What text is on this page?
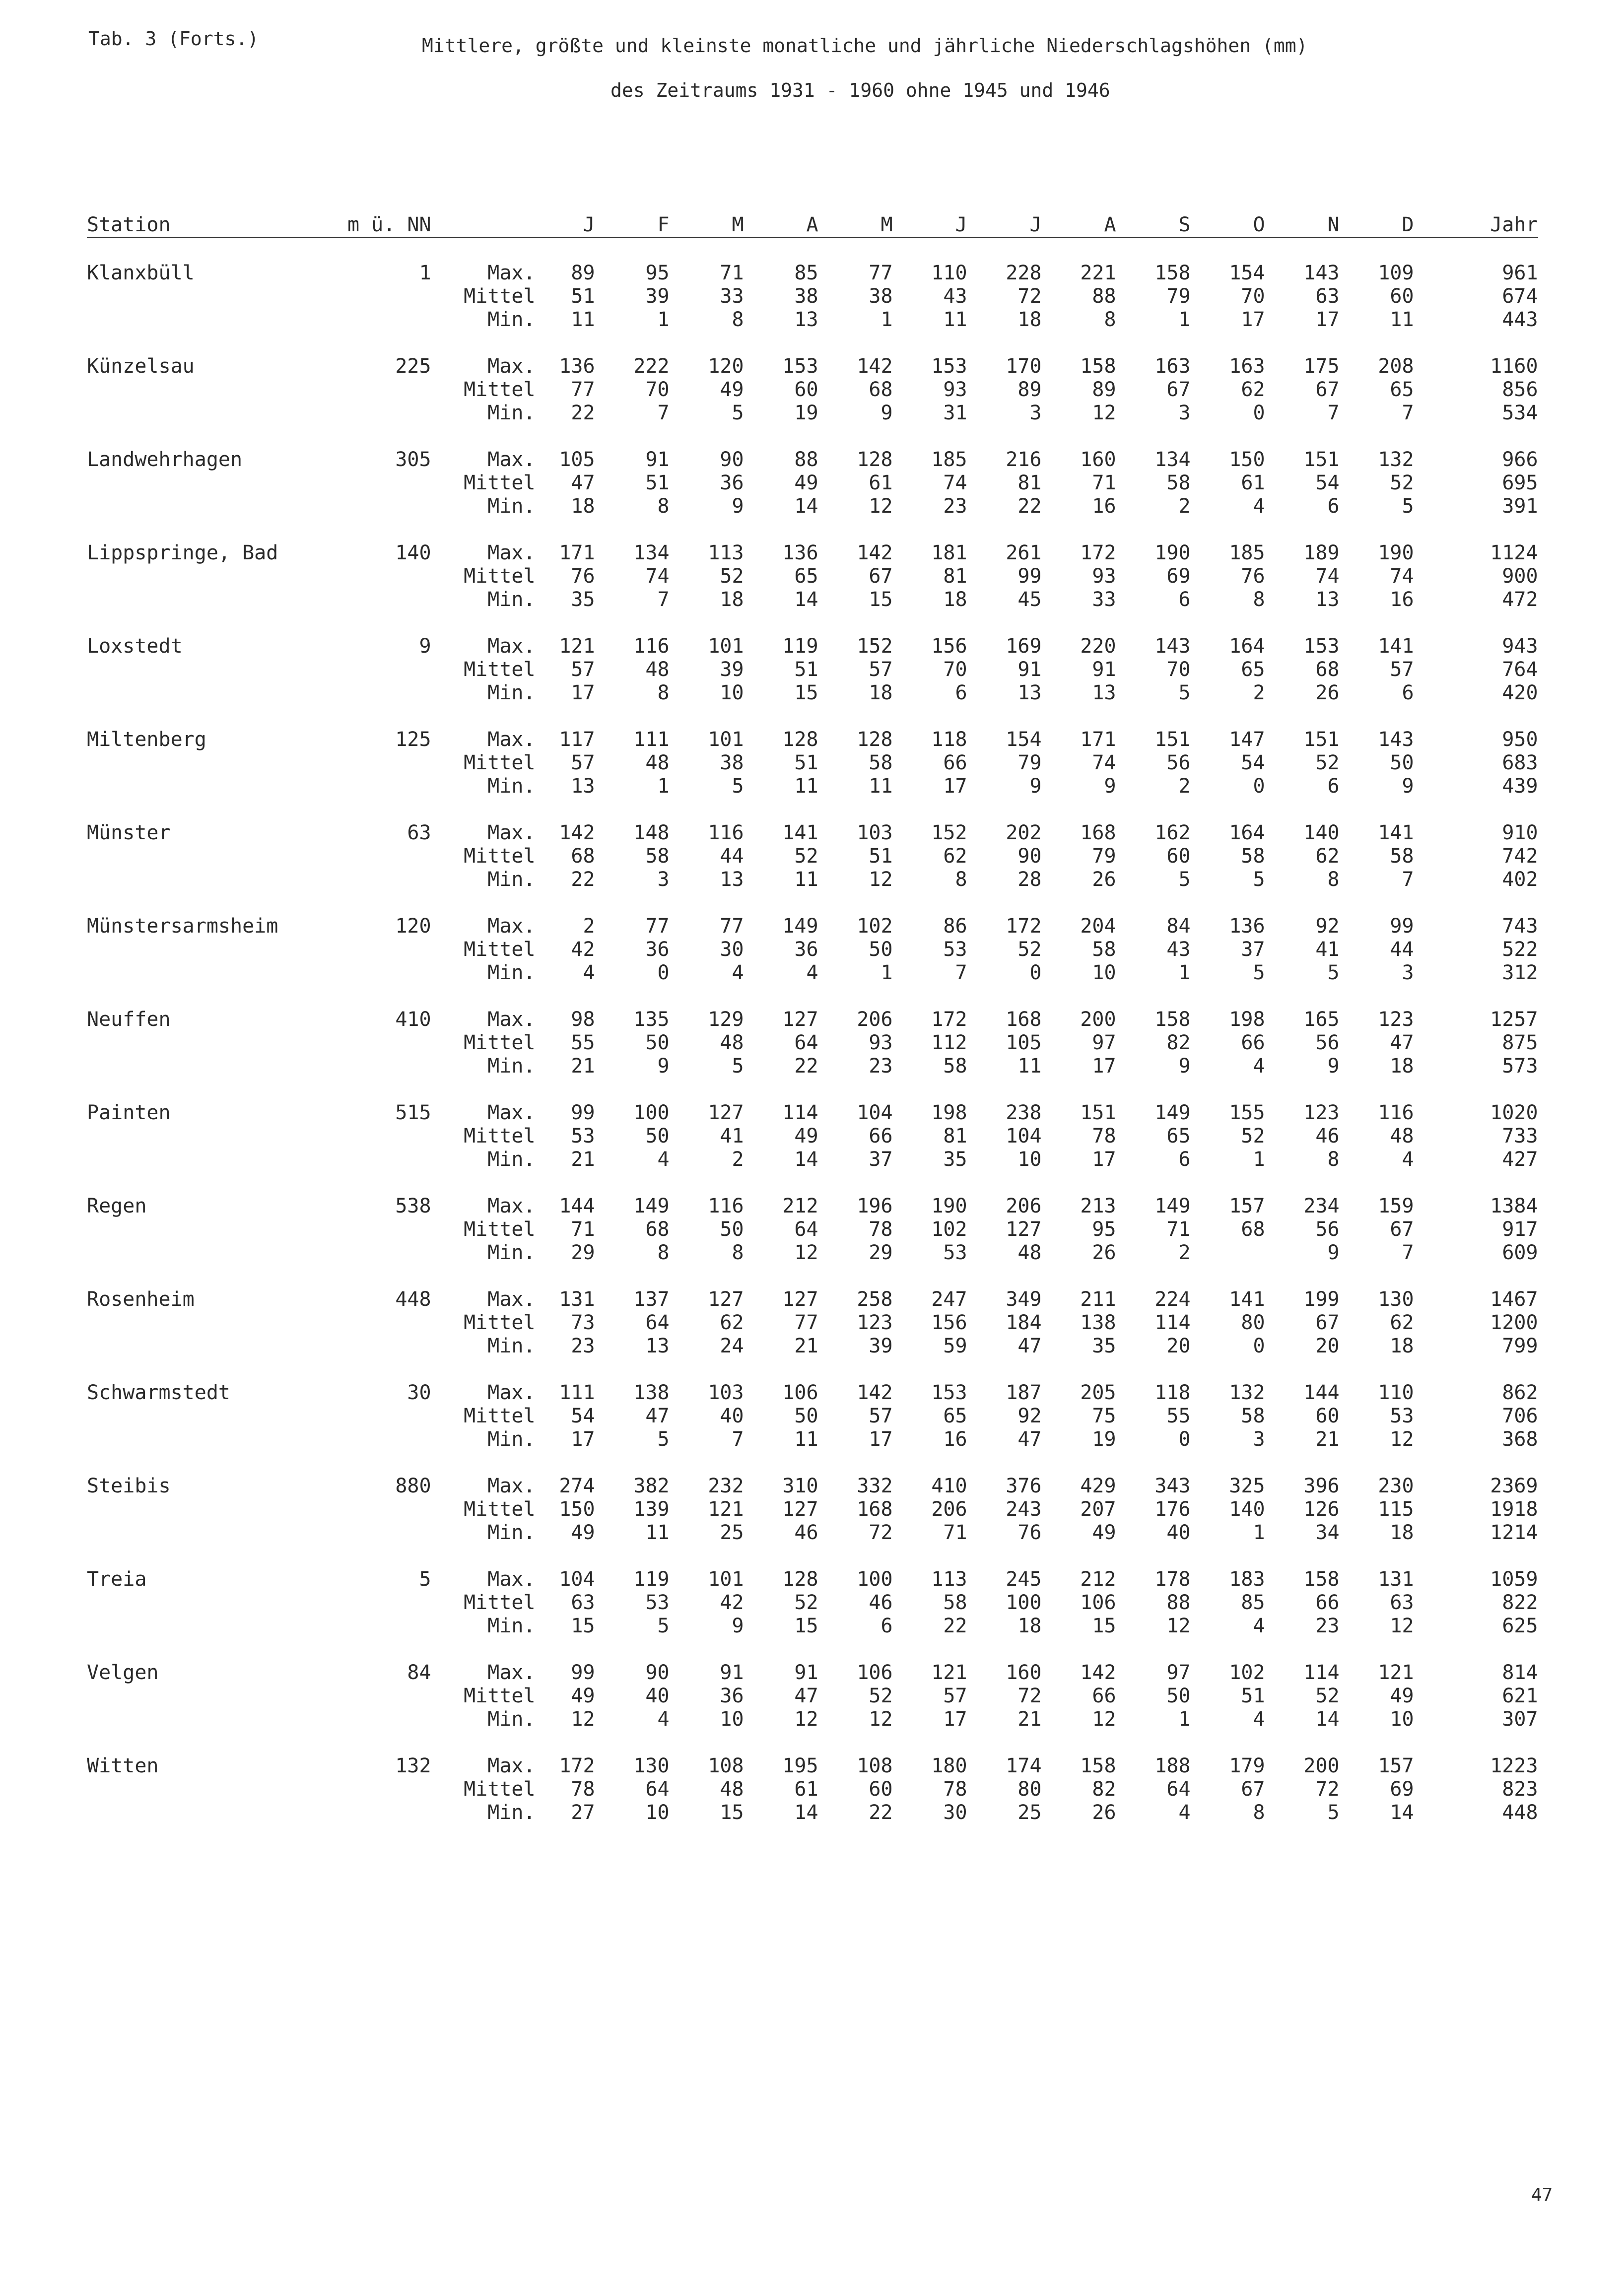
Tab. 3 (Forts.)	Mittlere, größte und kleinste monatliche und jährliche Niederschlagshöhen (mm)
des Zeitraums 1931 - 1960 ohne 1945 und 1946
Station	m ü. NN		J	F	M	A	M	J	J	A	S	O	N	D	Jahr

Klanxbüll	1	Max.	89	95	71	85	77	110	228	221	158	154	143	109	961
		Mittel	51	39	33	38	38	43	72	88	79	70	63	60	674
		Min.	11	1	8	13	1	11	18	8	1	17	17	11	443

Künzelsau	225	Max.	136	222	120	153	142	153	170	158	163	163	175	208	1160
		Mittel	77	70	49	60	68	93	89	89	67	62	67	65	856
		Min.	22	7	5	19	9	31	3	12	3	0	7	7	534

Landwehrhagen	305	Max.	105	91	90	88	128	185	216	160	134	150	151	132	966
		Mittel	47	51	36	49	61	74	81	71	58	61	54	52	695
		Min.	18	8	9	14	12	23	22	16	2	4	6	5	391

Lippspringe, Bad	140	Max.	171	134	113	136	142	181	261	172	190	185	189	190	1124
		Mittel	76	74	52	65	67	81	99	93	69	76	74	74	900
		Min.	35	7	18	14	15	18	45	33	6	8	13	16	472

Loxstedt	9	Max.	121	116	101	119	152	156	169	220	143	164	153	141	943
		Mittel	57	48	39	51	57	70	91	91	70	65	68	57	764
		Min.	17	8	10	15	18	6	13	13	5	2	26	6	420

Miltenberg	125	Max.	117	111	101	128	128	118	154	171	151	147	151	143	950
		Mittel	57	48	38	51	58	66	79	74	56	54	52	50	683
		Min.	13	1	5	11	11	17	9	9	2	0	6	9	439

Münster	63	Max.	142	148	116	141	103	152	202	168	162	164	140	141	910
		Mittel	68	58	44	52	51	62	90	79	60	58	62	58	742
		Min.	22	3	13	11	12	8	28	26	5	5	8	7	402

Münstersarmsheim	120	Max.	2	77	77	149	102	86	172	204	84	136	92	99	743
		Mittel	42	36	30	36	50	53	52	58	43	37	41	44	522
		Min.	4	0	4	4	1	7	0	10	1	5	5	3	312

Neuffen	410	Max.	98	135	129	127	206	172	168	200	158	198	165	123	1257
		Mittel	55	50	48	64	93	112	105	97	82	66	56	47	875
		Min.	21	9	5	22	23	58	11	17	9	4	9	18	573

Painten	515	Max.	99	100	127	114	104	198	238	151	149	155	123	116	1020
		Mittel	53	50	41	49	66	81	104	78	65	52	46	48	733
		Min.	21	4	2	14	37	35	10	17	6	1	8	4	427

Regen	538	Max.	144	149	116	212	196	190	206	213	149	157	234	159	1384
		Mittel	71	68	50	64	78	102	127	95	71	68	56	67	917
		Min.	29	8	8	12	29	53	48	26	2		9	7	609

Rosenheim	448	Max.	131	137	127	127	258	247	349	211	224	141	199	130	1467
		Mittel	73	64	62	77	123	156	184	138	114	80	67	62	1200
		Min.	23	13	24	21	39	59	47	35	20	0	20	18	799

Schwarmstedt	30	Max.	111	138	103	106	142	153	187	205	118	132	144	110	862
		Mittel	54	47	40	50	57	65	92	75	55	58	60	53	706
		Min.	17	5	7	11	17	16	47	19	0	3	21	12	368

Steibis	880	Max.	274	382	232	310	332	410	376	429	343	325	396	230	2369
		Mittel	150	139	121	127	168	206	243	207	176	140	126	115	1918
		Min.	49	11	25	46	72	71	76	49	40	1	34	18	1214

Treia	5	Max.	104	119	101	128	100	113	245	212	178	183	158	131	1059
		Mittel	63	53	42	52	46	58	100	106	88	85	66	63	822
		Min.	15	5	9	15	6	22	18	15	12	4	23	12	625

Velgen	84	Max.	99	90	91	91	106	121	160	142	97	102	114	121	814
		Mittel	49	40	36	47	52	57	72	66	50	51	52	49	621
		Min.	12	4	10	12	12	17	21	12	1	4	14	10	307

Witten	132	Max.	172	130	108	195	108	180	174	158	188	179	200	157	1223
		Mittel	78	64	48	61	60	78	80	82	64	67	72	69	823
		Min.	27	10	15	14	22	30	25	26	4	8	5	14	448
47
